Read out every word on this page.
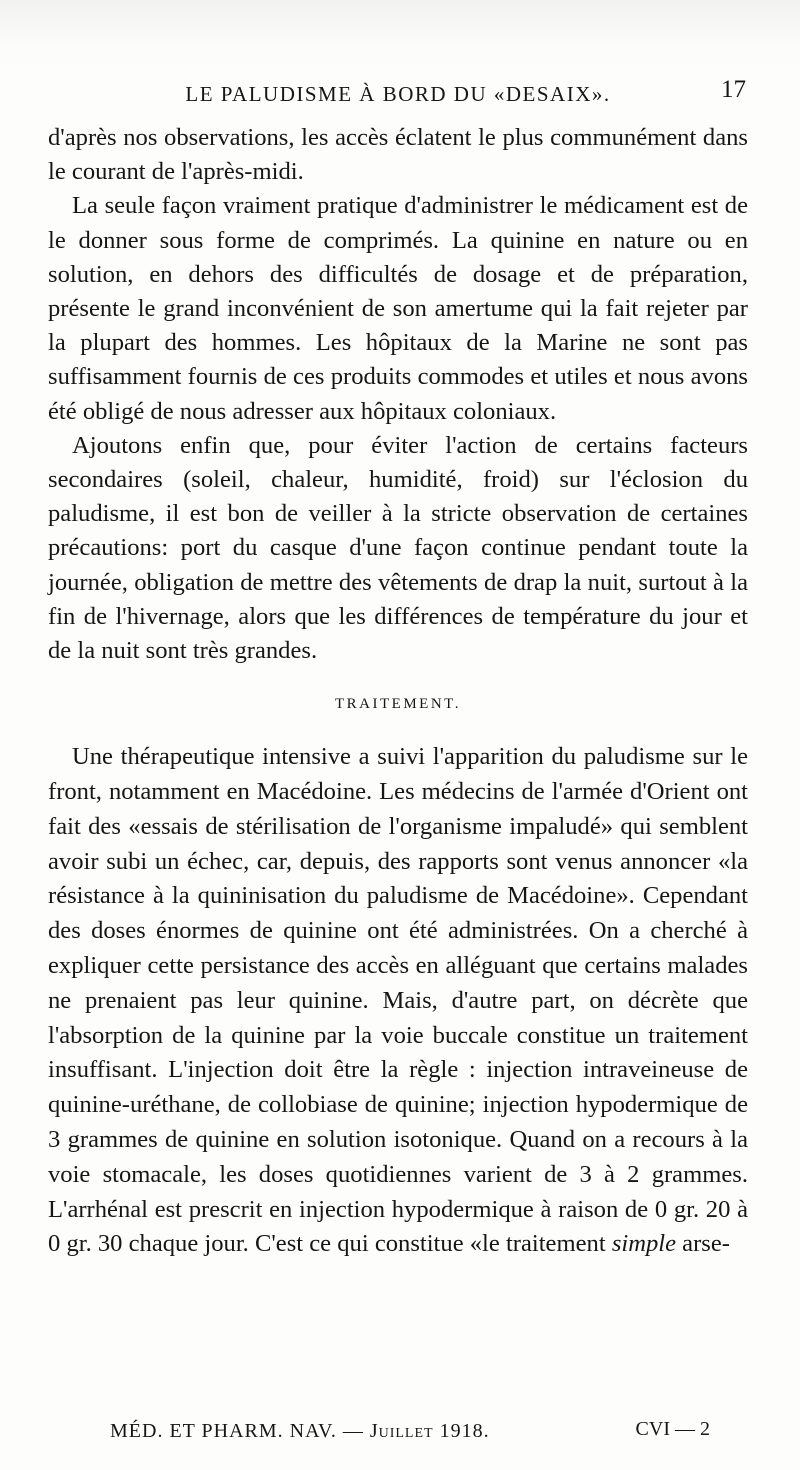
LE PALUDISME À BORD DU «DESAIX».	17

d'après nos observations, les accès éclatent le plus communément dans le courant de l'après-midi.

La seule façon vraiment pratique d'administrer le médicament est de le donner sous forme de comprimés. La quinine en nature ou en solution, en dehors des difficultés de dosage et de préparation, présente le grand inconvénient de son amertume qui la fait rejeter par la plupart des hommes. Les hôpitaux de la Marine ne sont pas suffisamment fournis de ces produits commodes et utiles et nous avons été obligé de nous adresser aux hôpitaux coloniaux.

Ajoutons enfin que, pour éviter l'action de certains facteurs secondaires (soleil, chaleur, humidité, froid) sur l'éclosion du paludisme, il est bon de veiller à la stricte observation de certaines précautions: port du casque d'une façon continue pendant toute la journée, obligation de mettre des vêtements de drap la nuit, surtout à la fin de l'hivernage, alors que les différences de température du jour et de la nuit sont très grandes.

TRAITEMENT.

Une thérapeutique intensive a suivi l'apparition du paludisme sur le front, notamment en Macédoine. Les médecins de l'armée d'Orient ont fait des «essais de stérilisation de l'organisme impaludé» qui semblent avoir subi un échec, car, depuis, des rapports sont venus annoncer «la résistance à la quininisation du paludisme de Macédoine». Cependant des doses énormes de quinine ont été administrées. On a cherché à expliquer cette persistance des accès en alléguant que certains malades ne prenaient pas leur quinine. Mais, d'autre part, on décrète que l'absorption de la quinine par la voie buccale constitue un traitement insuffisant. L'injection doit être la règle : injection intraveineuse de quinine-uréthane, de collobiase de quinine; injection hypodermique de 3 grammes de quinine en solution isotonique. Quand on a recours à la voie stomacale, les doses quotidiennes varient de 3 à 2 grammes. L'arrhénal est prescrit en injection hypodermique à raison de 0 gr. 20 à 0 gr. 30 chaque jour. C'est ce qui constitue «le traitement simple arse-

MÉD. ET PHARM. NAV. — Juillet 1918.	CVI — 2
